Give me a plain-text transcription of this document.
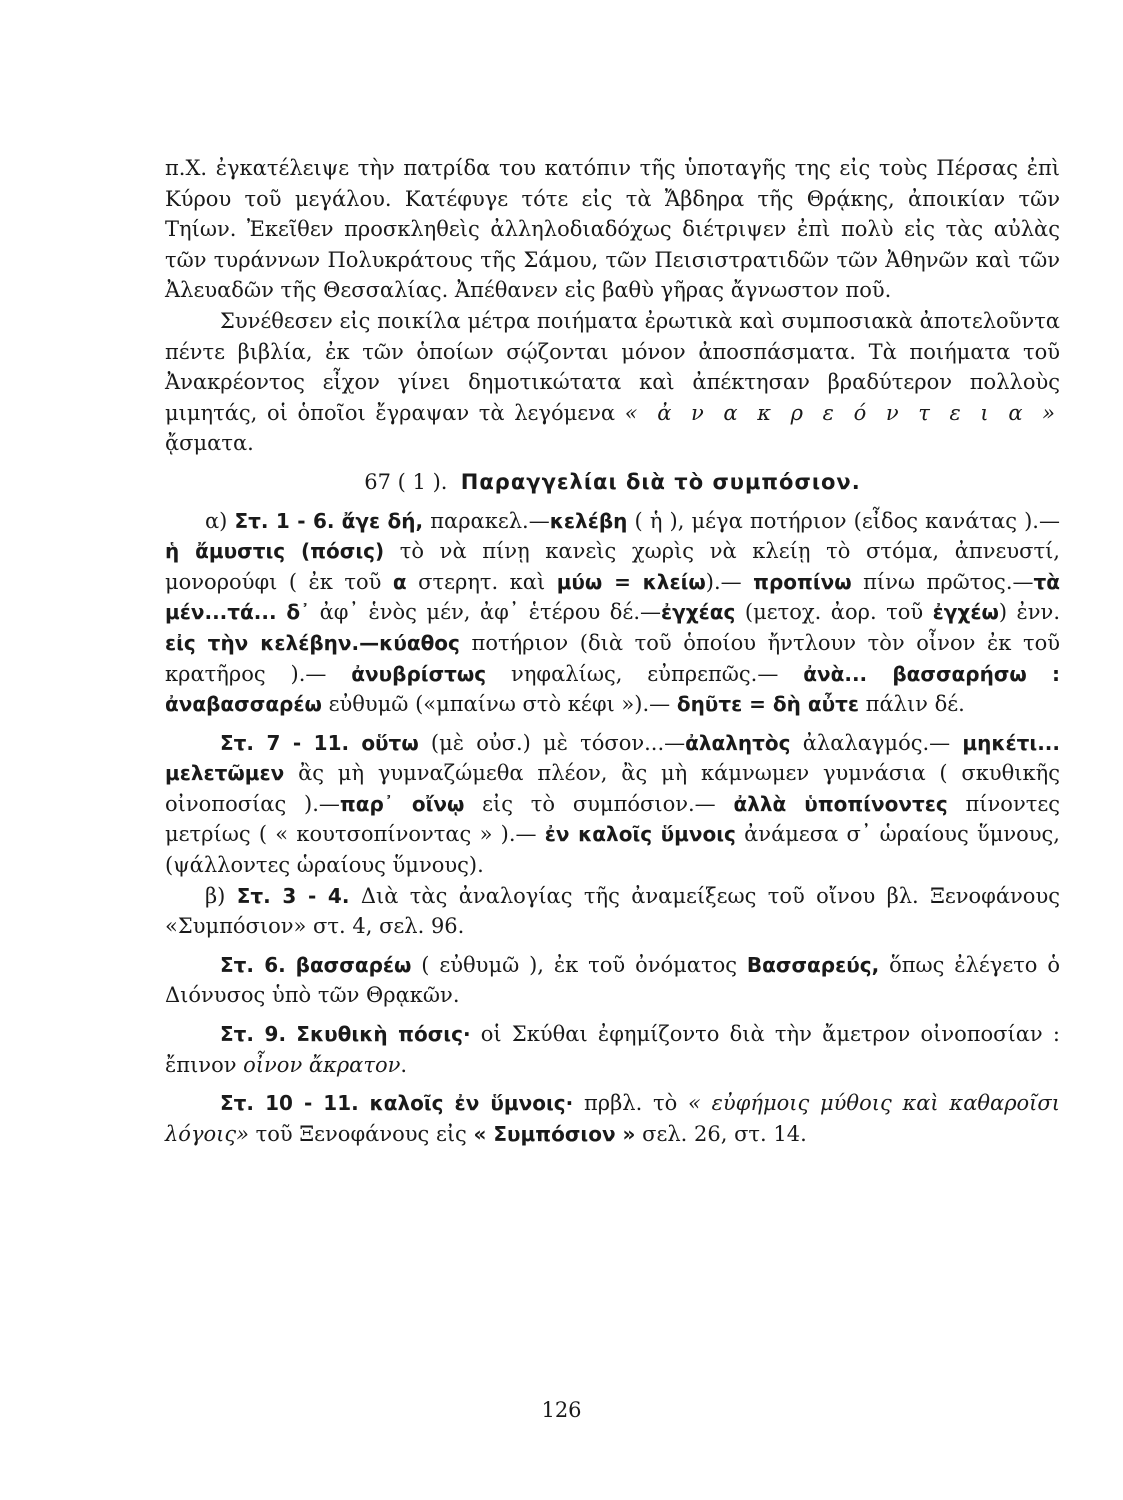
π.Χ. ἐγκατέλειψε τὴν πατρίδα του κατόπιν τῆς ὑποταγῆς της εἰς τοὺς Πέρσας ἐπὶ Κύρου τοῦ μεγάλου. Κατέφυγε τότε εἰς τὰ Ἄβδηρα τῆς Θρᾴκης, ἀποικίαν τῶν Τηίων. Ἐκεῖθεν προσκληθεὶς ἀλληλοδιαδόχως διέτριψεν ἐπὶ πολὺ εἰς τὰς αὐλὰς τῶν τυράννων Πολυκράτους τῆς Σάμου, τῶν Πεισιστρατιδῶν τῶν Ἀθηνῶν καὶ τῶν Ἀλευαδῶν τῆς Θεσσαλίας. Ἀπέθανεν εἰς βαθὺ γῆρας ἄγνωστον ποῦ.

Συνέθεσεν εἰς ποικίλα μέτρα ποιήματα ἐρωτικὰ καὶ συμποσιακὰ ἀποτελοῦντα πέντε βιβλία, ἐκ τῶν ὁποίων σῴζονται μόνον ἀποσπάσματα. Τὰ ποιήματα τοῦ Ἀνακρέοντος εἶχον γίνει δημοτικώτατα καὶ ἀπέκτησαν βραδύτερον πολλοὺς μιμητάς, οἱ ὁποῖοι ἔγραψαν τὰ λεγόμενα « ἀ ν α κ ρ ε ό ν τ ε ι α » ᾄσματα.

67 ( 1 ). Παραγγελίαι διὰ τὸ συμπόσιον.

α) Στ. 1 - 6. ἄγε δή, παρακελ.—κελέβη ( ἡ ), μέγα ποτήριον (εἶδος κανάτας ).— ἡ ἄμυστις (πόσις) τὸ νὰ πίνῃ κανεὶς χωρὶς νὰ κλείῃ τὸ στόμα, ἀπνευστί, μονορούφι ( ἐκ τοῦ α στερητ. καὶ μύω = κλείω).— προπίνω πίνω πρῶτος.—τὰ μέν...τά... δ᾽ ἀφ᾽ ἑνὸς μέν, ἀφ᾽ ἑτέρου δέ.—ἐγχέας (μετοχ. ἀορ. τοῦ ἐγχέω) ἐνν. εἰς τὴν κελέβην.—κύαθος ποτήριον (διὰ τοῦ ὁποίου ἤντλουν τὸν οἶνον ἐκ τοῦ κρατῆρος ).— ἀνυβρίστως νηφαλίως, εὐπρεπῶς.— ἀνὰ... βασσαρήσω : ἀναβασσαρέω εὐθυμῶ («μπαίνω στὸ κέφι »).— δηῦτε = δὴ αὖτε πάλιν δέ.

Στ. 7 - 11. οὕτω (μὲ οὐσ.) μὲ τόσον...—ἀλαλητὸς ἀλαλαγμός.— μηκέτι... μελετῶμεν ἂς μὴ γυμναζώμεθα πλέον, ἂς μὴ κάμνωμεν γυμνάσια ( σκυθικῆς οἰνοποσίας ).—παρ᾽ οἴνῳ εἰς τὸ συμπόσιον.— ἀλλὰ ὑποπίνοντες πίνοντες μετρίως ( « κουτσοπίνοντας » ).— ἐν καλοῖς ὕμνοις ἀνάμεσα σ᾽ ὡραίους ὕμνους, (ψάλλοντες ὡραίους ὕμνους).

β) Στ. 3 - 4. Διὰ τὰς ἀναλογίας τῆς ἀναμείξεως τοῦ οἴνου βλ. Ξενοφάνους «Συμπόσιον» στ. 4, σελ. 96.

Στ. 6. βασσαρέω ( εὐθυμῶ ), ἐκ τοῦ ὀνόματος Βασσαρεύς, ὅπως ἐλέγετο ὁ Διόνυσος ὑπὸ τῶν Θρᾳκῶν.

Στ. 9. Σκυθικὴ πόσις· οἱ Σκύθαι ἐφημίζοντο διὰ τὴν ἄμετρον οἰνοποσίαν : ἔπινον οἶνον ἄκρατον.

Στ. 10 - 11. καλοῖς ἐν ὕμνοις· πρβλ. τὸ « εὐφήμοις μύθοις καὶ καθαροῖσι λόγοις» τοῦ Ξενοφάνους εἰς « Συμπόσιον » σελ. 26, στ. 14.

126
